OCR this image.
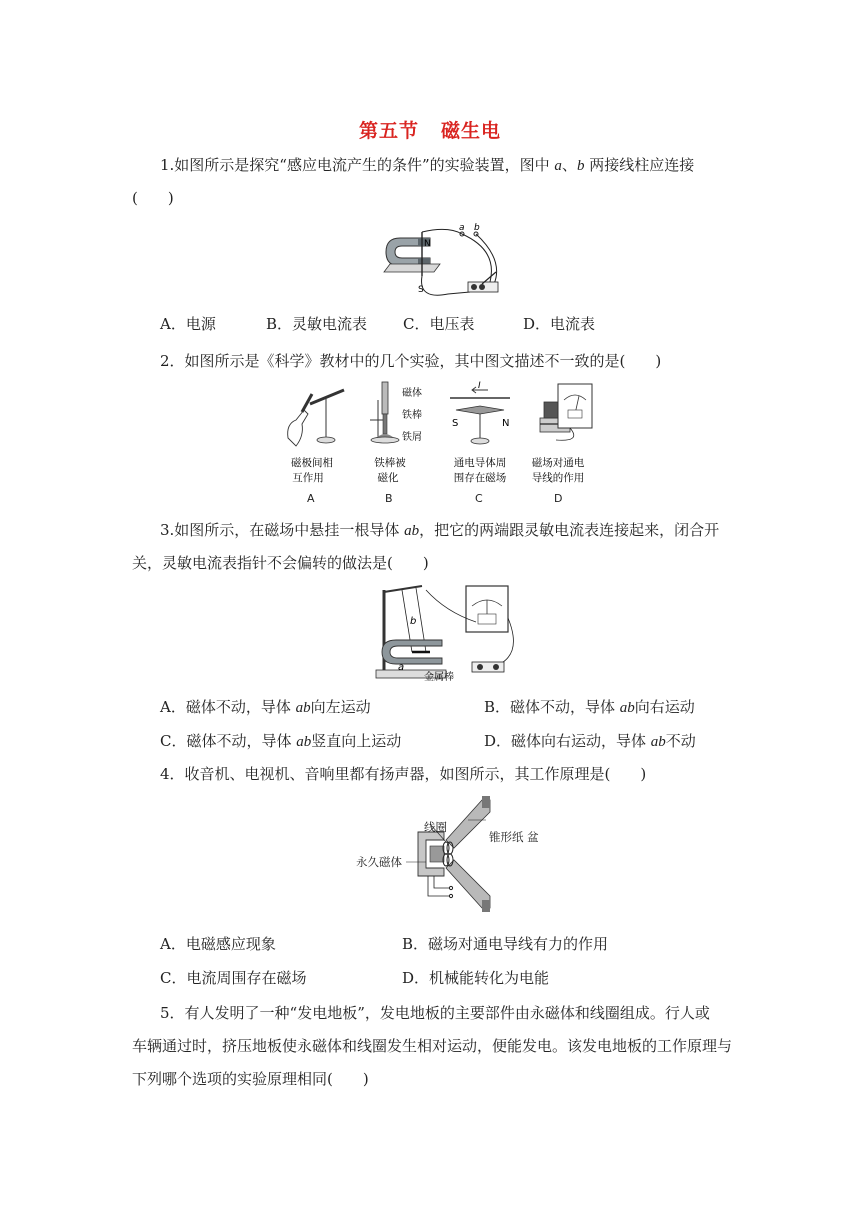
第五节 磁生电
1.如图所示是探究“感应电流产生的条件”的实验装置，图中 a、b 两接线柱应连接
(　　)
N
S
a b
A．电源	B．灵敏电流表 C．电压表	D．电流表
2．如图所示是《科学》教材中的几个实验，其中图文描述不一致的是(　　)
磁体
铁棒
铁屑
I
S	N
磁极间相
互作用
铁棒被
磁化
通电导体周
围存在磁场
磁场对通电
导线的作用
A	B	C	D
3.如图所示，在磁场中悬挂一根导体 ab，把它的两端跟灵敏电流表连接起来，闭合开
关，灵敏电流表指针不会偏转的做法是(　　)
b
a
金属棒
A．磁体不动，导体 ab向左运动	B．磁体不动，导体 ab向右运动
C．磁体不动，导体 ab竖直向上运动	D．磁体向右运动，导体 ab不动
4．收音机、电视机、音响里都有扬声器，如图所示，其工作原理是(　　)
线圈
锥形纸 盆
永久磁体
A．电磁感应现象	B．磁场对通电导线有力的作用
C．电流周围存在磁场	D．机械能转化为电能
5．有人发明了一种“发电地板”，发电地板的主要部件由永磁体和线圈组成。行人或
车辆通过时，挤压地板使永磁体和线圈发生相对运动，便能发电。该发电地板的工作原理与
下列哪个选项的实验原理相同(　　)
